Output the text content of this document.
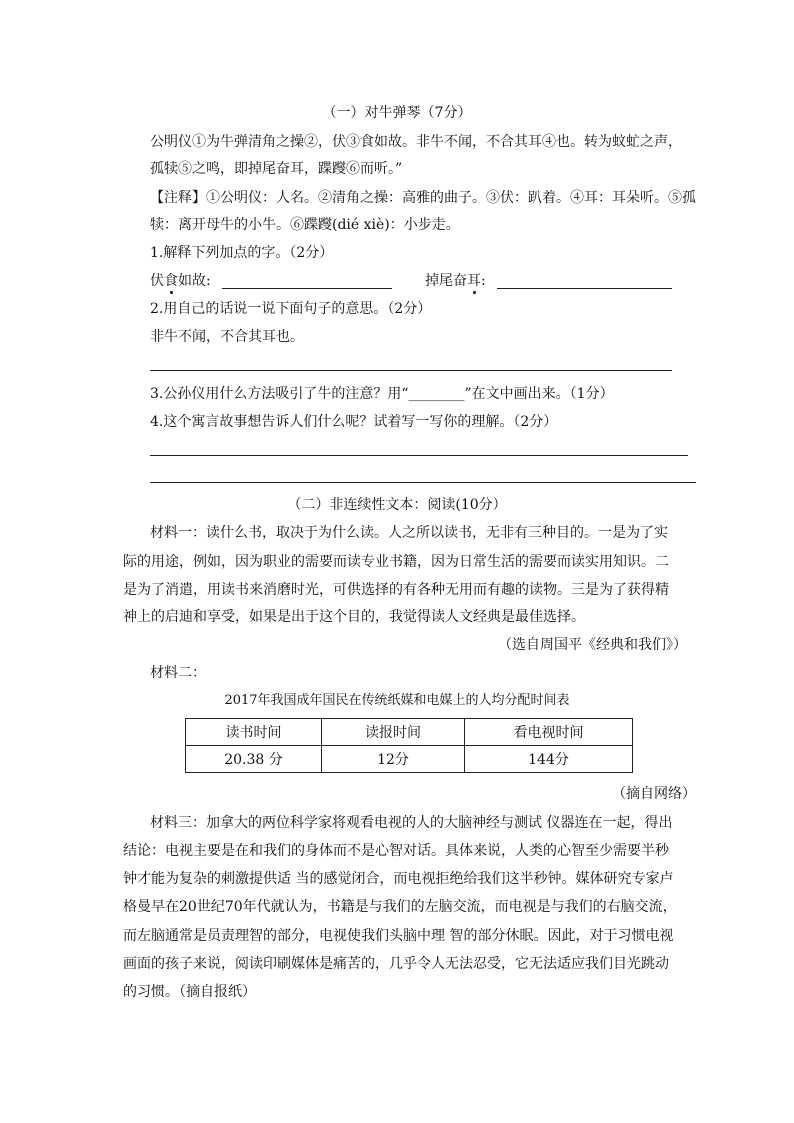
（一）对牛弹琴（7分）
公明仪①为牛弹清角之操②，伏③食如故。非牛不闻，不合其耳④也。转为蚊虻之声，
孤犊⑤之鸣，即掉尾奋耳，蹀躞⑥而听。”
【注释】①公明仪：人名。②清角之操：高雅的曲子。③伏：趴着。④耳：耳朵听。⑤孤
犊：离开母牛的小牛。⑥蹀躞(dié xiè)：小步走。
1.解释下列加点的字。（2分）
伏食如故:	掉尾奋耳:
2.用自己的话说一说下面句子的意思。（2分）
非牛不闻，不合其耳也。
3.公孙仪用什么方法吸引了牛的注意？用“________”在文中画出来。（1分）
4.这个寓言故事想告诉人们什么呢？试着写一写你的理解。（2分）
（二）非连续性文本：阅读(10分）
材料一：读什么书，取决于为什么读。人之所以读书，无非有三种目的。一是为了实
际的用途，例如，因为职业的需要而读专业书籍，因为日常生活的需要而读实用知识。二
是为了消遣，用读书来消磨时光，可供选择的有各种无用而有趣的读物。三是为了获得精
神上的启迪和享受，如果是出于这个目的，我觉得读人文经典是最佳选择。
（选自周国平《经典和我们》）
材料二：
2017年我国成年国民在传统纸媒和电媒上的人均分配时间表
读书时间	读报时间	看电视时间
20.38 分	12分	144分
（摘自网络）
材料三：加拿大的两位科学家将观看电视的人的大脑神经与测试 仪器连在一起，得出
结论：电视主要是在和我们的身体而不是心智对话。具体来说，人类的心智至少需要半秒
钟才能为复杂的刺激提供适 当的感觉闭合，而电视拒绝给我们这半秒钟。媒体研究专家卢
格曼早在20世纪70年代就认为，书籍是与我们的左脑交流，而电视是与我们的右脑交流，
而左脑通常是员责理智的部分，电视使我们头脑中理 智的部分休眠。因此，对于习惯电视
画面的孩子来说，阅读印刷媒体是痛苦的，几乎令人无法忍受，它无法适应我们目光跳动
的习惯。（摘自报纸）
